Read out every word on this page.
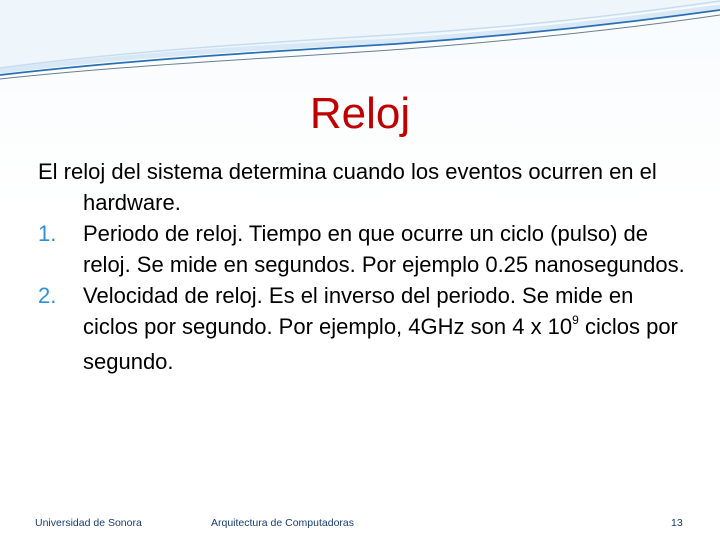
Reloj

El reloj del sistema determina cuando los eventos ocurren en el hardware.

1.	Periodo de reloj. Tiempo en que ocurre un ciclo (pulso) de reloj. Se mide en segundos. Por ejemplo 0.25 nanosegundos.
2.	Velocidad de reloj. Es el inverso del periodo. Se mide en ciclos por segundo. Por ejemplo, 4GHz son 4 x $10^9$ ciclos por segundo.
Universidad de Sonora	Arquitectura de Computadoras	13
